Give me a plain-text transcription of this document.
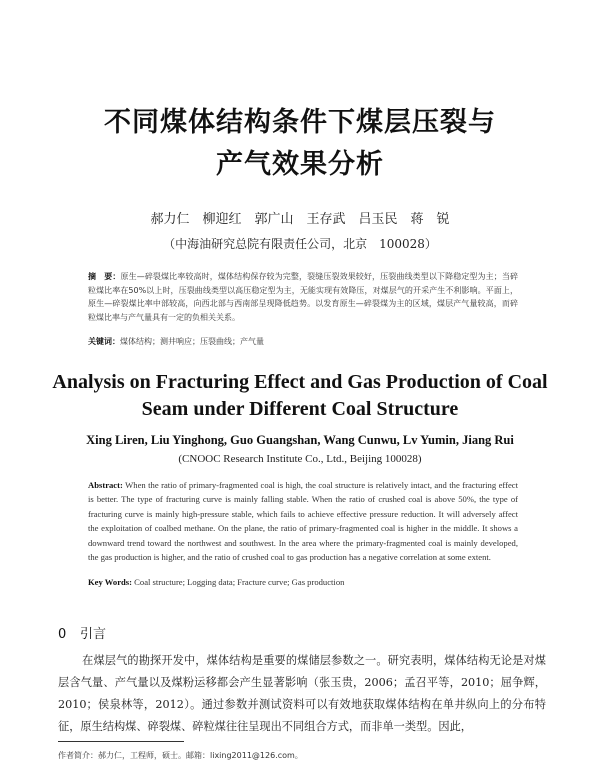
不同煤体结构条件下煤层压裂与
产气效果分析
郝力仁　柳迎红　郭广山　王存武　吕玉民　蒋　锐
（中海油研究总院有限责任公司，北京　100028）
摘　要：原生—碎裂煤比率较高时，煤体结构保存较为完整，裂缝压裂效果较好，压裂曲线类型以下降稳定型为主；当碎粒煤比率在50%以上时，压裂曲线类型以高压稳定型为主，无能实现有效降压，对煤层气的开采产生不利影响。平面上，原生—碎裂煤比率中部较高，向西北部与西南部呈现降低趋势。以发育原生—碎裂煤为主的区域，煤层产气量较高，而碎粒煤比率与产气量具有一定的负相关关系。
关键词：煤体结构；测井响应；压裂曲线；产气量
Analysis on Fracturing Effect and Gas Production of Coal
Seam under Different Coal Structure
Xing Liren, Liu Yinghong, Guo Guangshan, Wang Cunwu, Lv Yumin, Jiang Rui
(CNOOC Research Institute Co., Ltd., Beijing 100028)
Abstract: When the ratio of primary-fragmented coal is high, the coal structure is relatively intact, and the fracturing effect is better. The type of fracturing curve is mainly falling stable. When the ratio of crushed coal is above 50%, the type of fracturing curve is mainly high-pressure stable, which fails to achieve effective pressure reduction. It will adversely affect the exploitation of coalbed methane. On the plane, the ratio of primary-fragmented coal is higher in the middle. It shows a downward trend toward the northwest and southwest. In the area where the primary-fragmented coal is mainly developed, the gas production is higher, and the ratio of crushed coal to gas production has a negative correlation at some extent.
Key Words: Coal structure; Logging data; Fracture curve; Gas production
0 引言
在煤层气的勘探开发中，煤体结构是重要的煤储层参数之一。研究表明，煤体结构无论是对煤层含气量、产气量以及煤粉运移都会产生显著影响（张玉贵，2006；孟召平等，2010；屈争辉，2010；侯泉林等，2012）。通过参数并测试资料可以有效地获取煤体结构在单井纵向上的分布特征，原生结构煤、碎裂煤、碎粒煤往往呈现出不同组合方式，而非单一类型。因此，
作者简介：郝力仁，工程师，硕士。邮箱：lixing2011@126.com。
